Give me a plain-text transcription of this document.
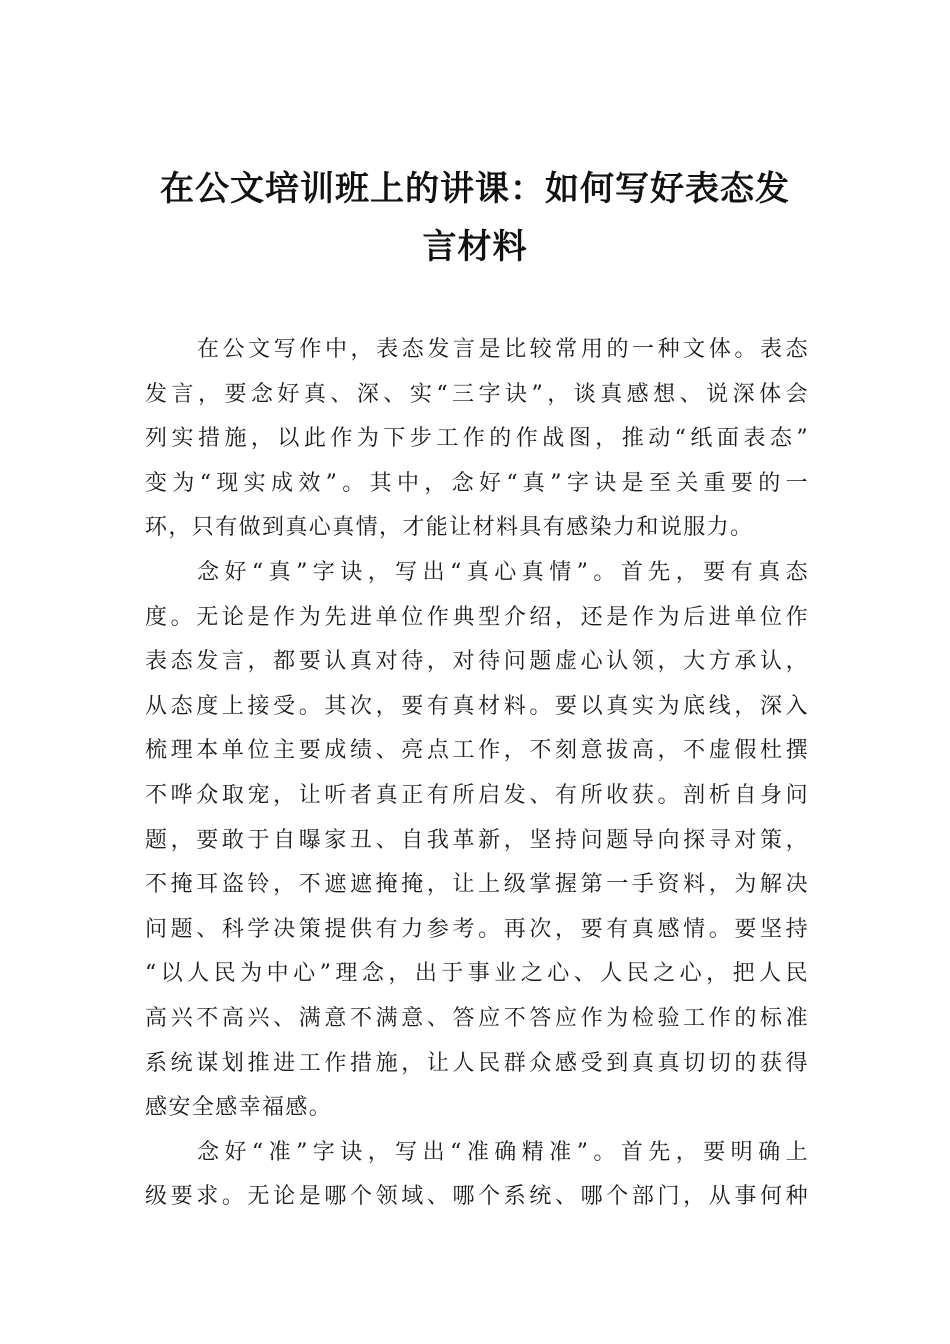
在公文培训班上的讲课：如何写好表态发
言材料

在公文写作中，表态发言是比较常用的一种文体。表态
发言，要念好真、深、实“三字诀”，谈真感想、说深体会
列实措施，以此作为下步工作的作战图，推动“纸面表态”
变为“现实成效”。其中，念好“真”字诀是至关重要的一
环，只有做到真心真情，才能让材料具有感染力和说服力。

念好“真”字诀，写出“真心真情”。首先，要有真态
度。无论是作为先进单位作典型介绍，还是作为后进单位作
表态发言，都要认真对待，对待问题虚心认领，大方承认，
从态度上接受。其次，要有真材料。要以真实为底线，深入
梳理本单位主要成绩、亮点工作，不刻意拔高，不虚假杜撰
不哗众取宠，让听者真正有所启发、有所收获。剖析自身问
题，要敢于自曝家丑、自我革新，坚持问题导向探寻对策，
不掩耳盗铃，不遮遮掩掩，让上级掌握第一手资料，为解决
问题、科学决策提供有力参考。再次，要有真感情。要坚持
“以人民为中心”理念，出于事业之心、人民之心，把人民
高兴不高兴、满意不满意、答应不答应作为检验工作的标准
系统谋划推进工作措施，让人民群众感受到真真切切的获得
感安全感幸福感。

念好“准”字诀，写出“准确精准”。首先，要明确上
级要求。无论是哪个领域、哪个系统、哪个部门，从事何种
